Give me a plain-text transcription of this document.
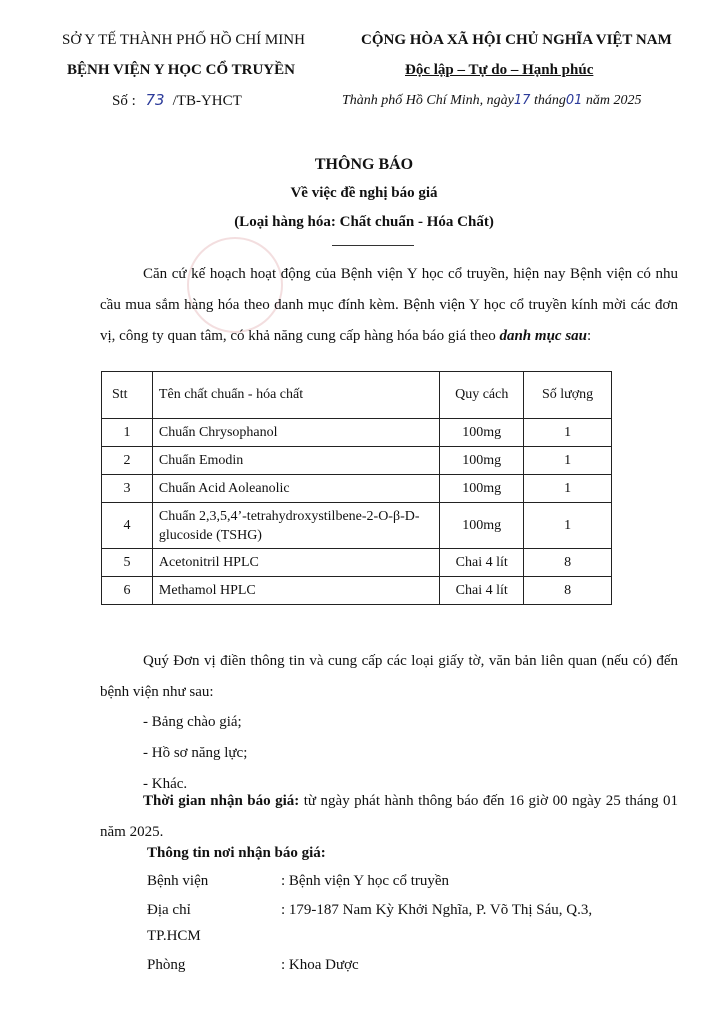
SỞ Y TẾ THÀNH PHỐ HỒ CHÍ MINH
BỆNH VIỆN Y HỌC CỔ TRUYỀN
Số : 73 /TB-YHCT
CỘNG HÒA XÃ HỘI CHỦ NGHĨA VIỆT NAM
Độc lập – Tự do – Hạnh phúc
Thành phố Hồ Chí Minh, ngày17 tháng01 năm 2025
THÔNG BÁO
Về việc đề nghị báo giá
(Loại hàng hóa: Chất chuẩn - Hóa Chất)
Căn cứ kế hoạch hoạt động của Bệnh viện Y học cổ truyền, hiện nay Bệnh viện có nhu cầu mua sắm hàng hóa theo danh mục đính kèm. Bệnh viện Y học cổ truyền kính mời các đơn vị, công ty quan tâm, có khả năng cung cấp hàng hóa báo giá theo danh mục sau:
Stt	Tên chất chuẩn - hóa chất	Quy cách	Số lượng
1	Chuẩn Chrysophanol	100mg	1
2	Chuẩn Emodin	100mg	1
3	Chuẩn Acid Aoleanolic	100mg	1
4	Chuẩn 2,3,5,4’-tetrahydroxystilbene-2-O-β-D-glucoside (TSHG)	100mg	1
5	Acetonitril HPLC	Chai 4 lít	8
6	Methamol HPLC	Chai 4 lít	8
Quý Đơn vị điền thông tin và cung cấp các loại giấy tờ, văn bản liên quan (nếu có) đến bệnh viện như sau:
- Bảng chào giá;
- Hồ sơ năng lực;
- Khác.
Thời gian nhận báo giá: từ ngày phát hành thông báo đến 16 giờ 00 ngày 25 tháng 01 năm 2025.
Thông tin nơi nhận báo giá:
Bệnh viện	: Bệnh viện Y học cổ truyền
Địa chỉ	: 179-187 Nam Kỳ Khởi Nghĩa, P. Võ Thị Sáu, Q.3,
TP.HCM
Phòng	: Khoa Dược
